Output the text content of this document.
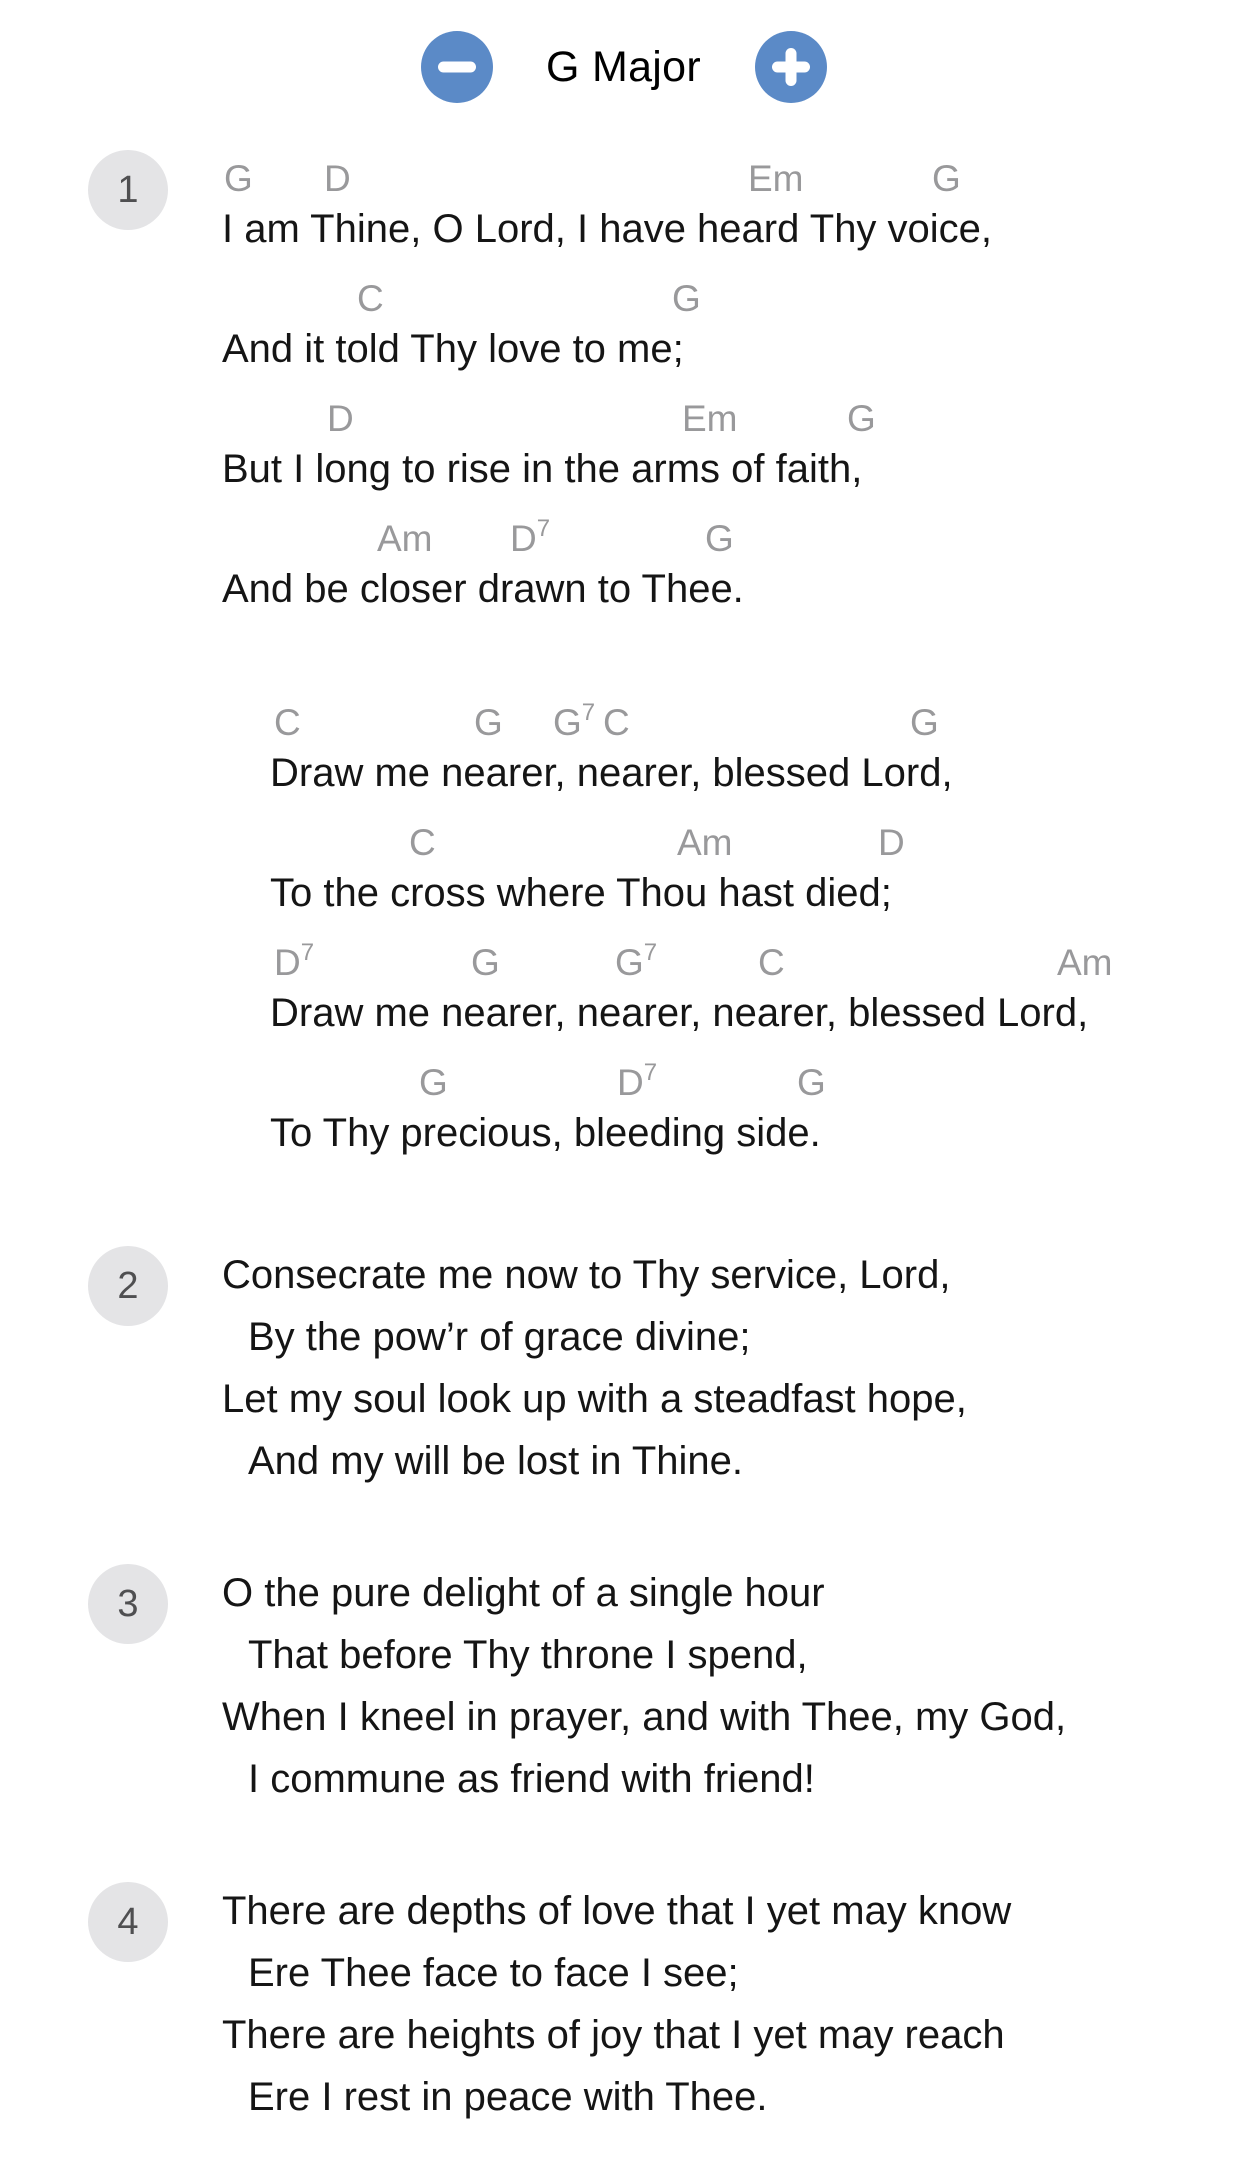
G Major
1	G D	Em	G
I am Thine, O Lord, I have heard Thy voice,
C	G
And it told Thy love to me;
D	Em	G
But I long to rise in the arms of faith,
Am $D^7$	G
And be closer drawn to Thee.
C	G $G^7$ C	G
Draw me nearer, nearer, blessed Lord,
C	Am	D
To the cross where Thou hast died;
$D^7$	G	$G^7$	C	Am
Draw me nearer, nearer, nearer, blessed Lord,
G	$D^7$	G
To Thy precious, bleeding side.
2	Consecrate me now to Thy service, Lord,
By the pow’r of grace divine;
Let my soul look up with a steadfast hope,
And my will be lost in Thine.
3	O the pure delight of a single hour
That before Thy throne I spend,
When I kneel in prayer, and with Thee, my God,
I commune as friend with friend!
4	There are depths of love that I yet may know
Ere Thee face to face I see;
There are heights of joy that I yet may reach
Ere I rest in peace with Thee.
